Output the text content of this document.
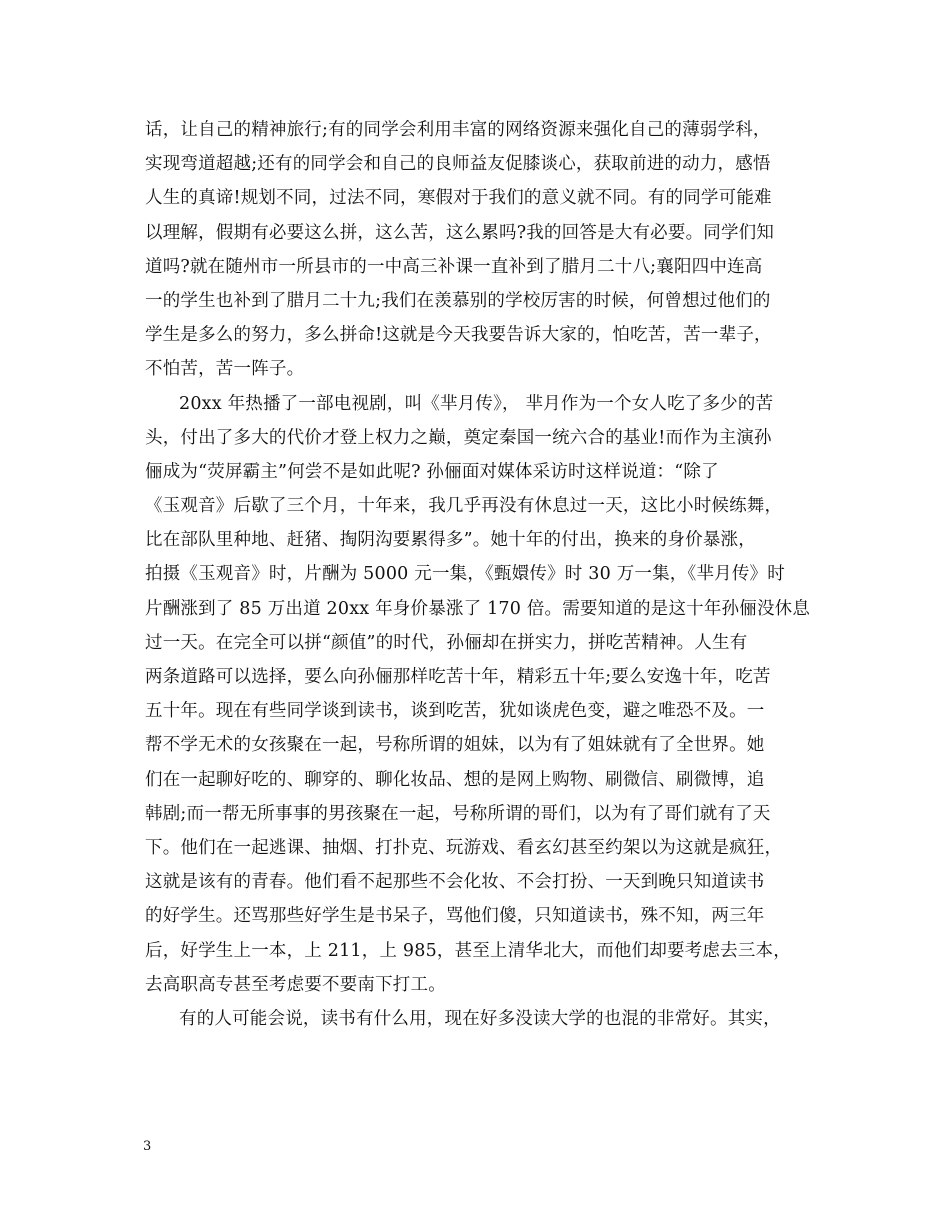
话，让自己的精神旅行;有的同学会利用丰富的网络资源来强化自己的薄弱学科，
实现弯道超越;还有的同学会和自己的良师益友促膝谈心，获取前进的动力，感悟
人生的真谛!规划不同，过法不同，寒假对于我们的意义就不同。有的同学可能难
以理解，假期有必要这么拼，这么苦，这么累吗?我的回答是大有必要。同学们知
道吗?就在随州市一所县市的一中高三补课一直补到了腊月二十八;襄阳四中连高
一的学生也补到了腊月二十九;我们在羡慕别的学校厉害的时候，何曾想过他们的
学生是多么的努力，多么拼命!这就是今天我要告诉大家的，怕吃苦，苦一辈子，
不怕苦，苦一阵子。
20xx 年热播了一部电视剧，叫《芈月传》， 芈月作为一个女人吃了多少的苦
头，付出了多大的代价才登上权力之巅，奠定秦国一统六合的基业!而作为主演孙
俪成为“荧屏霸主”何尝不是如此呢? 孙俪面对媒体采访时这样说道：“除了
《玉观音》后歇了三个月，十年来，我几乎再没有休息过一天，这比小时候练舞，
比在部队里种地、赶猪、掏阴沟要累得多”。她十年的付出，换来的身价暴涨，
拍摄《玉观音》时，片酬为 5000 元一集，《甄嬛传》时 30 万一集，《芈月传》时
片酬涨到了 85 万出道 20xx 年身价暴涨了 170 倍。需要知道的是这十年孙俪没休息
过一天。在完全可以拼“颜值”的时代，孙俪却在拼实力，拼吃苦精神。人生有
两条道路可以选择，要么向孙俪那样吃苦十年，精彩五十年;要么安逸十年，吃苦
五十年。现在有些同学谈到读书，谈到吃苦，犹如谈虎色变，避之唯恐不及。一
帮不学无术的女孩聚在一起，号称所谓的姐妹，以为有了姐妹就有了全世界。她
们在一起聊好吃的、聊穿的、聊化妆品、想的是网上购物、刷微信、刷微博，追
韩剧;而一帮无所事事的男孩聚在一起，号称所谓的哥们，以为有了哥们就有了天
下。他们在一起逃课、抽烟、打扑克、玩游戏、看玄幻甚至约架以为这就是疯狂，
这就是该有的青春。他们看不起那些不会化妆、不会打扮、一天到晚只知道读书
的好学生。还骂那些好学生是书呆子，骂他们傻，只知道读书，殊不知，两三年
后，好学生上一本，上 211，上 985，甚至上清华北大，而他们却要考虑去三本，
去高职高专甚至考虑要不要南下打工。
有的人可能会说，读书有什么用，现在好多没读大学的也混的非常好。其实，
3
